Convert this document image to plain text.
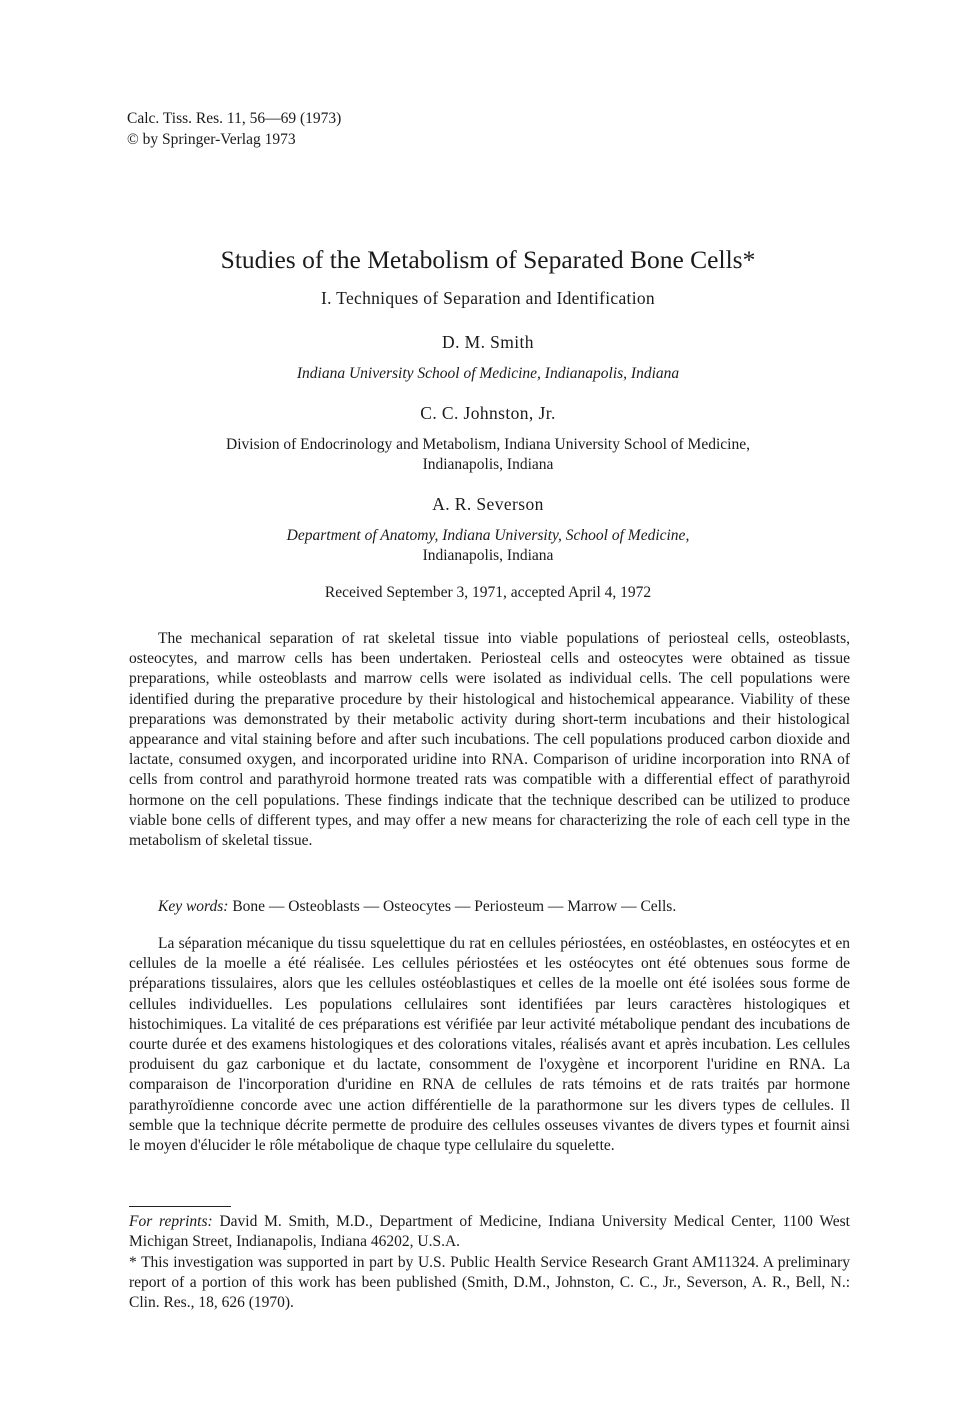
Calc. Tiss. Res. 11, 56—69 (1973)
© by Springer-Verlag 1973
Studies of the Metabolism of Separated Bone Cells*
I. Techniques of Separation and Identification
D. M. Smith
Indiana University School of Medicine, Indianapolis, Indiana
C. C. Johnston, Jr.
Division of Endocrinology and Metabolism, Indiana University School of Medicine,
Indianapolis, Indiana
A. R. Severson
Department of Anatomy, Indiana University, School of Medicine,
Indianapolis, Indiana
Received September 3, 1971, accepted April 4, 1972
The mechanical separation of rat skeletal tissue into viable populations of periosteal cells, osteoblasts, osteocytes, and marrow cells has been undertaken. Periosteal cells and osteocytes were obtained as tissue preparations, while osteoblasts and marrow cells were isolated as individual cells. The cell populations were identified during the preparative procedure by their histological and histochemical appearance. Viability of these preparations was demonstrated by their metabolic activity during short-term incubations and their histological appearance and vital staining before and after such incubations. The cell populations produced carbon dioxide and lactate, consumed oxygen, and incorporated uridine into RNA. Comparison of uridine incorporation into RNA of cells from control and parathyroid hormone treated rats was compatible with a differential effect of parathyroid hormone on the cell populations. These findings indicate that the technique described can be utilized to produce viable bone cells of different types, and may offer a new means for characterizing the role of each cell type in the metabolism of skeletal tissue.
Key words: Bone — Osteoblasts — Osteocytes — Periosteum — Marrow — Cells.
La séparation mécanique du tissu squelettique du rat en cellules périostées, en ostéoblastes, en ostéocytes et en cellules de la moelle a été réalisée. Les cellules périostées et les ostéocytes ont été obtenues sous forme de préparations tissulaires, alors que les cellules ostéoblastiques et celles de la moelle ont été isolées sous forme de cellules individuelles. Les populations cellulaires sont identifiées par leurs caractères histologiques et histochimiques. La vitalité de ces préparations est vérifiée par leur activité métabolique pendant des incubations de courte durée et des examens histologiques et des colorations vitales, réalisés avant et après incubation. Les cellules produisent du gaz carbonique et du lactate, consomment de l'oxygène et incorporent l'uridine en RNA. La comparaison de l'incorporation d'uridine en RNA de cellules de rats témoins et de rats traités par hormone parathyroïdienne concorde avec une action différentielle de la parathormone sur les divers types de cellules. Il semble que la technique décrite permette de produire des cellules osseuses vivantes de divers types et fournit ainsi le moyen d'élucider le rôle métabolique de chaque type cellulaire du squelette.
For reprints: David M. Smith, M.D., Department of Medicine, Indiana University Medical Center, 1100 West Michigan Street, Indianapolis, Indiana 46202, U.S.A.
* This investigation was supported in part by U.S. Public Health Service Research Grant AM11324. A preliminary report of a portion of this work has been published (Smith, D.M., Johnston, C. C., Jr., Severson, A. R., Bell, N.: Clin. Res., 18, 626 (1970).
